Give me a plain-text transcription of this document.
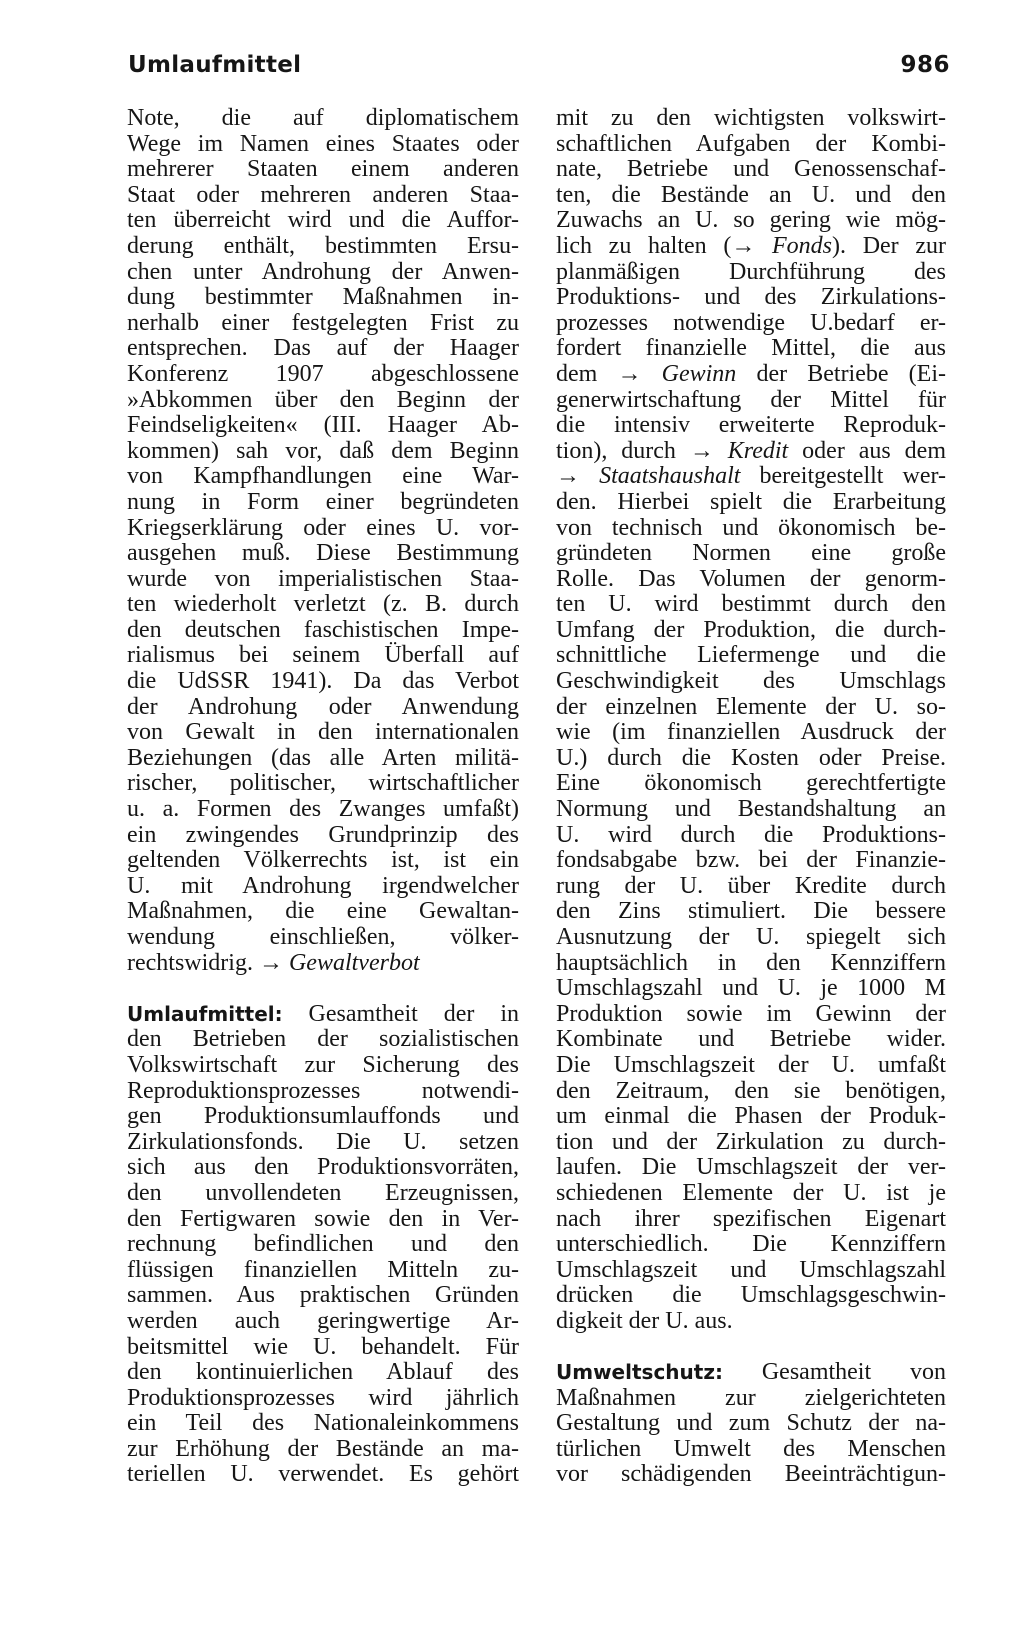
Umlaufmittel	986
Note, die auf diplomatischem
Wege im Namen eines Staates oder
mehrerer Staaten einem anderen
Staat oder mehreren anderen Staa-
ten überreicht wird und die Auffor-
derung enthält, bestimmten Ersu-
chen unter Androhung der Anwen-
dung bestimmter Maßnahmen in-
nerhalb einer festgelegten Frist zu
entsprechen. Das auf der Haager
Konferenz 1907 abgeschlossene
»Abkommen über den Beginn der
Feindseligkeiten« (III. Haager Ab-
kommen) sah vor, daß dem Beginn
von Kampfhandlungen eine War-
nung in Form einer begründeten
Kriegserklärung oder eines U. vor-
ausgehen muß. Diese Bestimmung
wurde von imperialistischen Staa-
ten wiederholt verletzt (z. B. durch
den deutschen faschistischen Impe-
rialismus bei seinem Überfall auf
die UdSSR 1941). Da das Verbot
der Androhung oder Anwendung
von Gewalt in den internationalen
Beziehungen (das alle Arten militä-
rischer, politischer, wirtschaftlicher
u. a. Formen des Zwanges umfaßt)
ein zwingendes Grundprinzip des
geltenden Völkerrechts ist, ist ein
U. mit Androhung irgendwelcher
Maßnahmen, die eine Gewaltan-
wendung einschließen, völker-
rechtswidrig. → Gewaltverbot
Umlaufmittel: Gesamtheit der in
den Betrieben der sozialistischen
Volkswirtschaft zur Sicherung des
Reproduktionsprozesses notwendi-
gen Produktionsumlauffonds und
Zirkulationsfonds. Die U. setzen
sich aus den Produktionsvorräten,
den unvollendeten Erzeugnissen,
den Fertigwaren sowie den in Ver-
rechnung befindlichen und den
flüssigen finanziellen Mitteln zu-
sammen. Aus praktischen Gründen
werden auch geringwertige Ar-
beitsmittel wie U. behandelt. Für
den kontinuierlichen Ablauf des
Produktionsprozesses wird jährlich
ein Teil des Nationaleinkommens
zur Erhöhung der Bestände an ma-
teriellen U. verwendet. Es gehört
mit zu den wichtigsten volkswirt-
schaftlichen Aufgaben der Kombi-
nate, Betriebe und Genossenschaf-
ten, die Bestände an U. und den
Zuwachs an U. so gering wie mög-
lich zu halten (→ Fonds). Der zur
planmäßigen Durchführung des
Produktions- und des Zirkulations-
prozesses notwendige U.bedarf er-
fordert finanzielle Mittel, die aus
dem → Gewinn der Betriebe (Ei-
generwirtschaftung der Mittel für
die intensiv erweiterte Reproduk-
tion), durch → Kredit oder aus dem
→ Staatshaushalt bereitgestellt wer-
den. Hierbei spielt die Erarbeitung
von technisch und ökonomisch be-
gründeten Normen eine große
Rolle. Das Volumen der genorm-
ten U. wird bestimmt durch den
Umfang der Produktion, die durch-
schnittliche Liefermenge und die
Geschwindigkeit des Umschlags
der einzelnen Elemente der U. so-
wie (im finanziellen Ausdruck der
U.) durch die Kosten oder Preise.
Eine ökonomisch gerechtfertigte
Normung und Bestandshaltung an
U. wird durch die Produktions-
fondsabgabe bzw. bei der Finanzie-
rung der U. über Kredite durch
den Zins stimuliert. Die bessere
Ausnutzung der U. spiegelt sich
hauptsächlich in den Kennziffern
Umschlagszahl und U. je 1000 M
Produktion sowie im Gewinn der
Kombinate und Betriebe wider.
Die Umschlagszeit der U. umfaßt
den Zeitraum, den sie benötigen,
um einmal die Phasen der Produk-
tion und der Zirkulation zu durch-
laufen. Die Umschlagszeit der ver-
schiedenen Elemente der U. ist je
nach ihrer spezifischen Eigenart
unterschiedlich. Die Kennziffern
Umschlagszeit und Umschlagszahl
drücken die Umschlagsgeschwin-
digkeit der U. aus.
Umweltschutz: Gesamtheit von
Maßnahmen zur zielgerichteten
Gestaltung und zum Schutz der na-
türlichen Umwelt des Menschen
vor schädigenden Beeinträchtigun-
